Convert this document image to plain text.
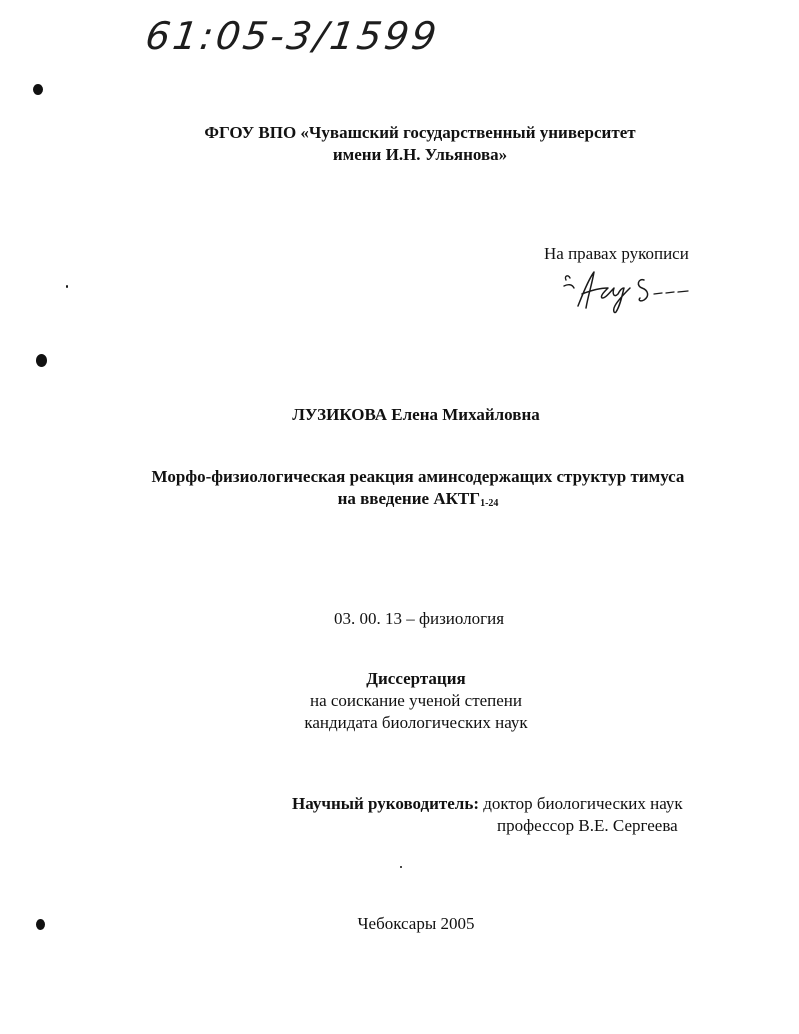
61:05-3/1599
ФГОУ ВПО «Чувашский государственный университет
имени И.Н. Ульянова»
На правах рукописи
ЛУЗИКОВА Елена Михайловна
Морфо-физиологическая реакция аминсодержащих структур тимуса
на введение $АКТГ_{1-24}$
03. 00. 13 – физиология
Диссертация
на соискание ученой степени
кандидата биологических наук
Научный руководитель: доктор биологических наук
профессор В.Е. Сергеева
Чебоксары 2005
